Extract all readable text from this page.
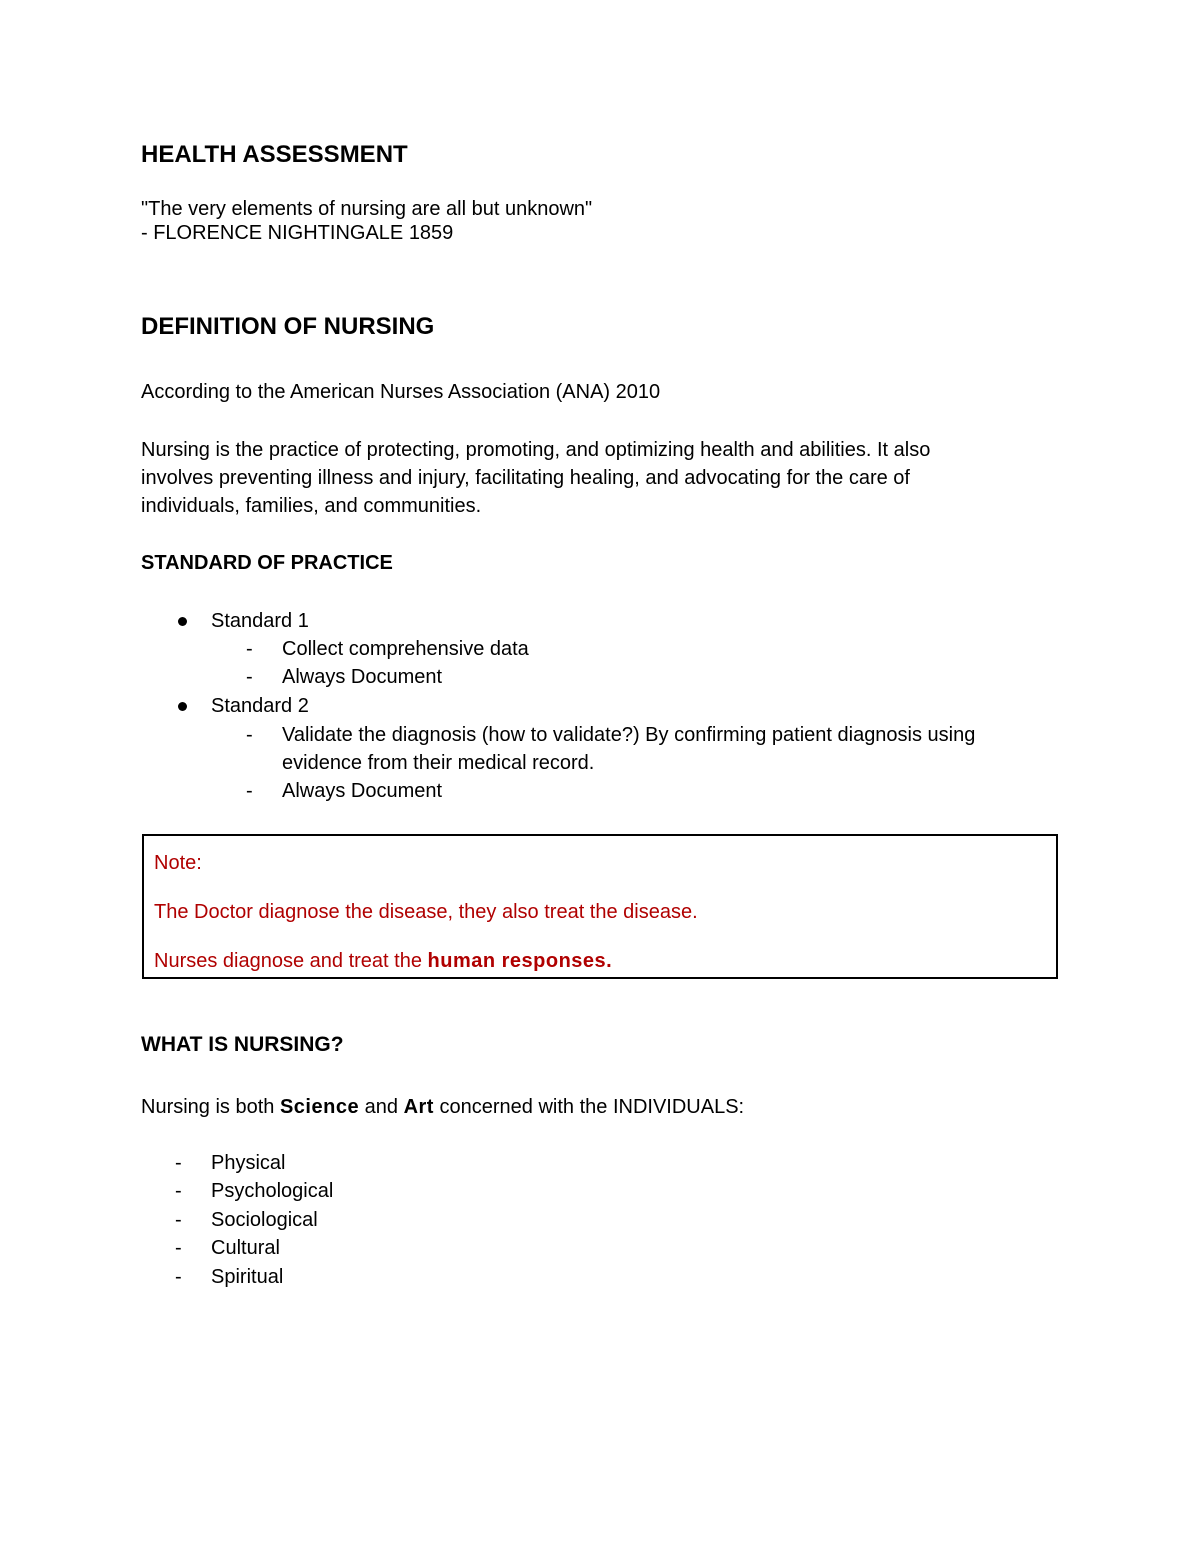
HEALTH ASSESSMENT
"The very elements of nursing are all but unknown"
- FLORENCE NIGHTINGALE 1859
DEFINITION OF NURSING
According to the American Nurses Association (ANA) 2010
Nursing is the practice of protecting, promoting, and optimizing health and abilities. It also
involves preventing illness and injury, facilitating healing, and advocating for the care of
individuals, families, and communities.
STANDARD OF PRACTICE
Standard 1
- Collect comprehensive data
- Always Document
Standard 2
- Validate the diagnosis (how to validate?) By confirming patient diagnosis using
evidence from their medical record.
- Always Document
Note:
The Doctor diagnose the disease, they also treat the disease.
Nurses diagnose and treat the human responses.
WHAT IS NURSING?
Nursing is both Science and Art concerned with the INDIVIDUALS:
- Physical
- Psychological
- Sociological
- Cultural
- Spiritual
